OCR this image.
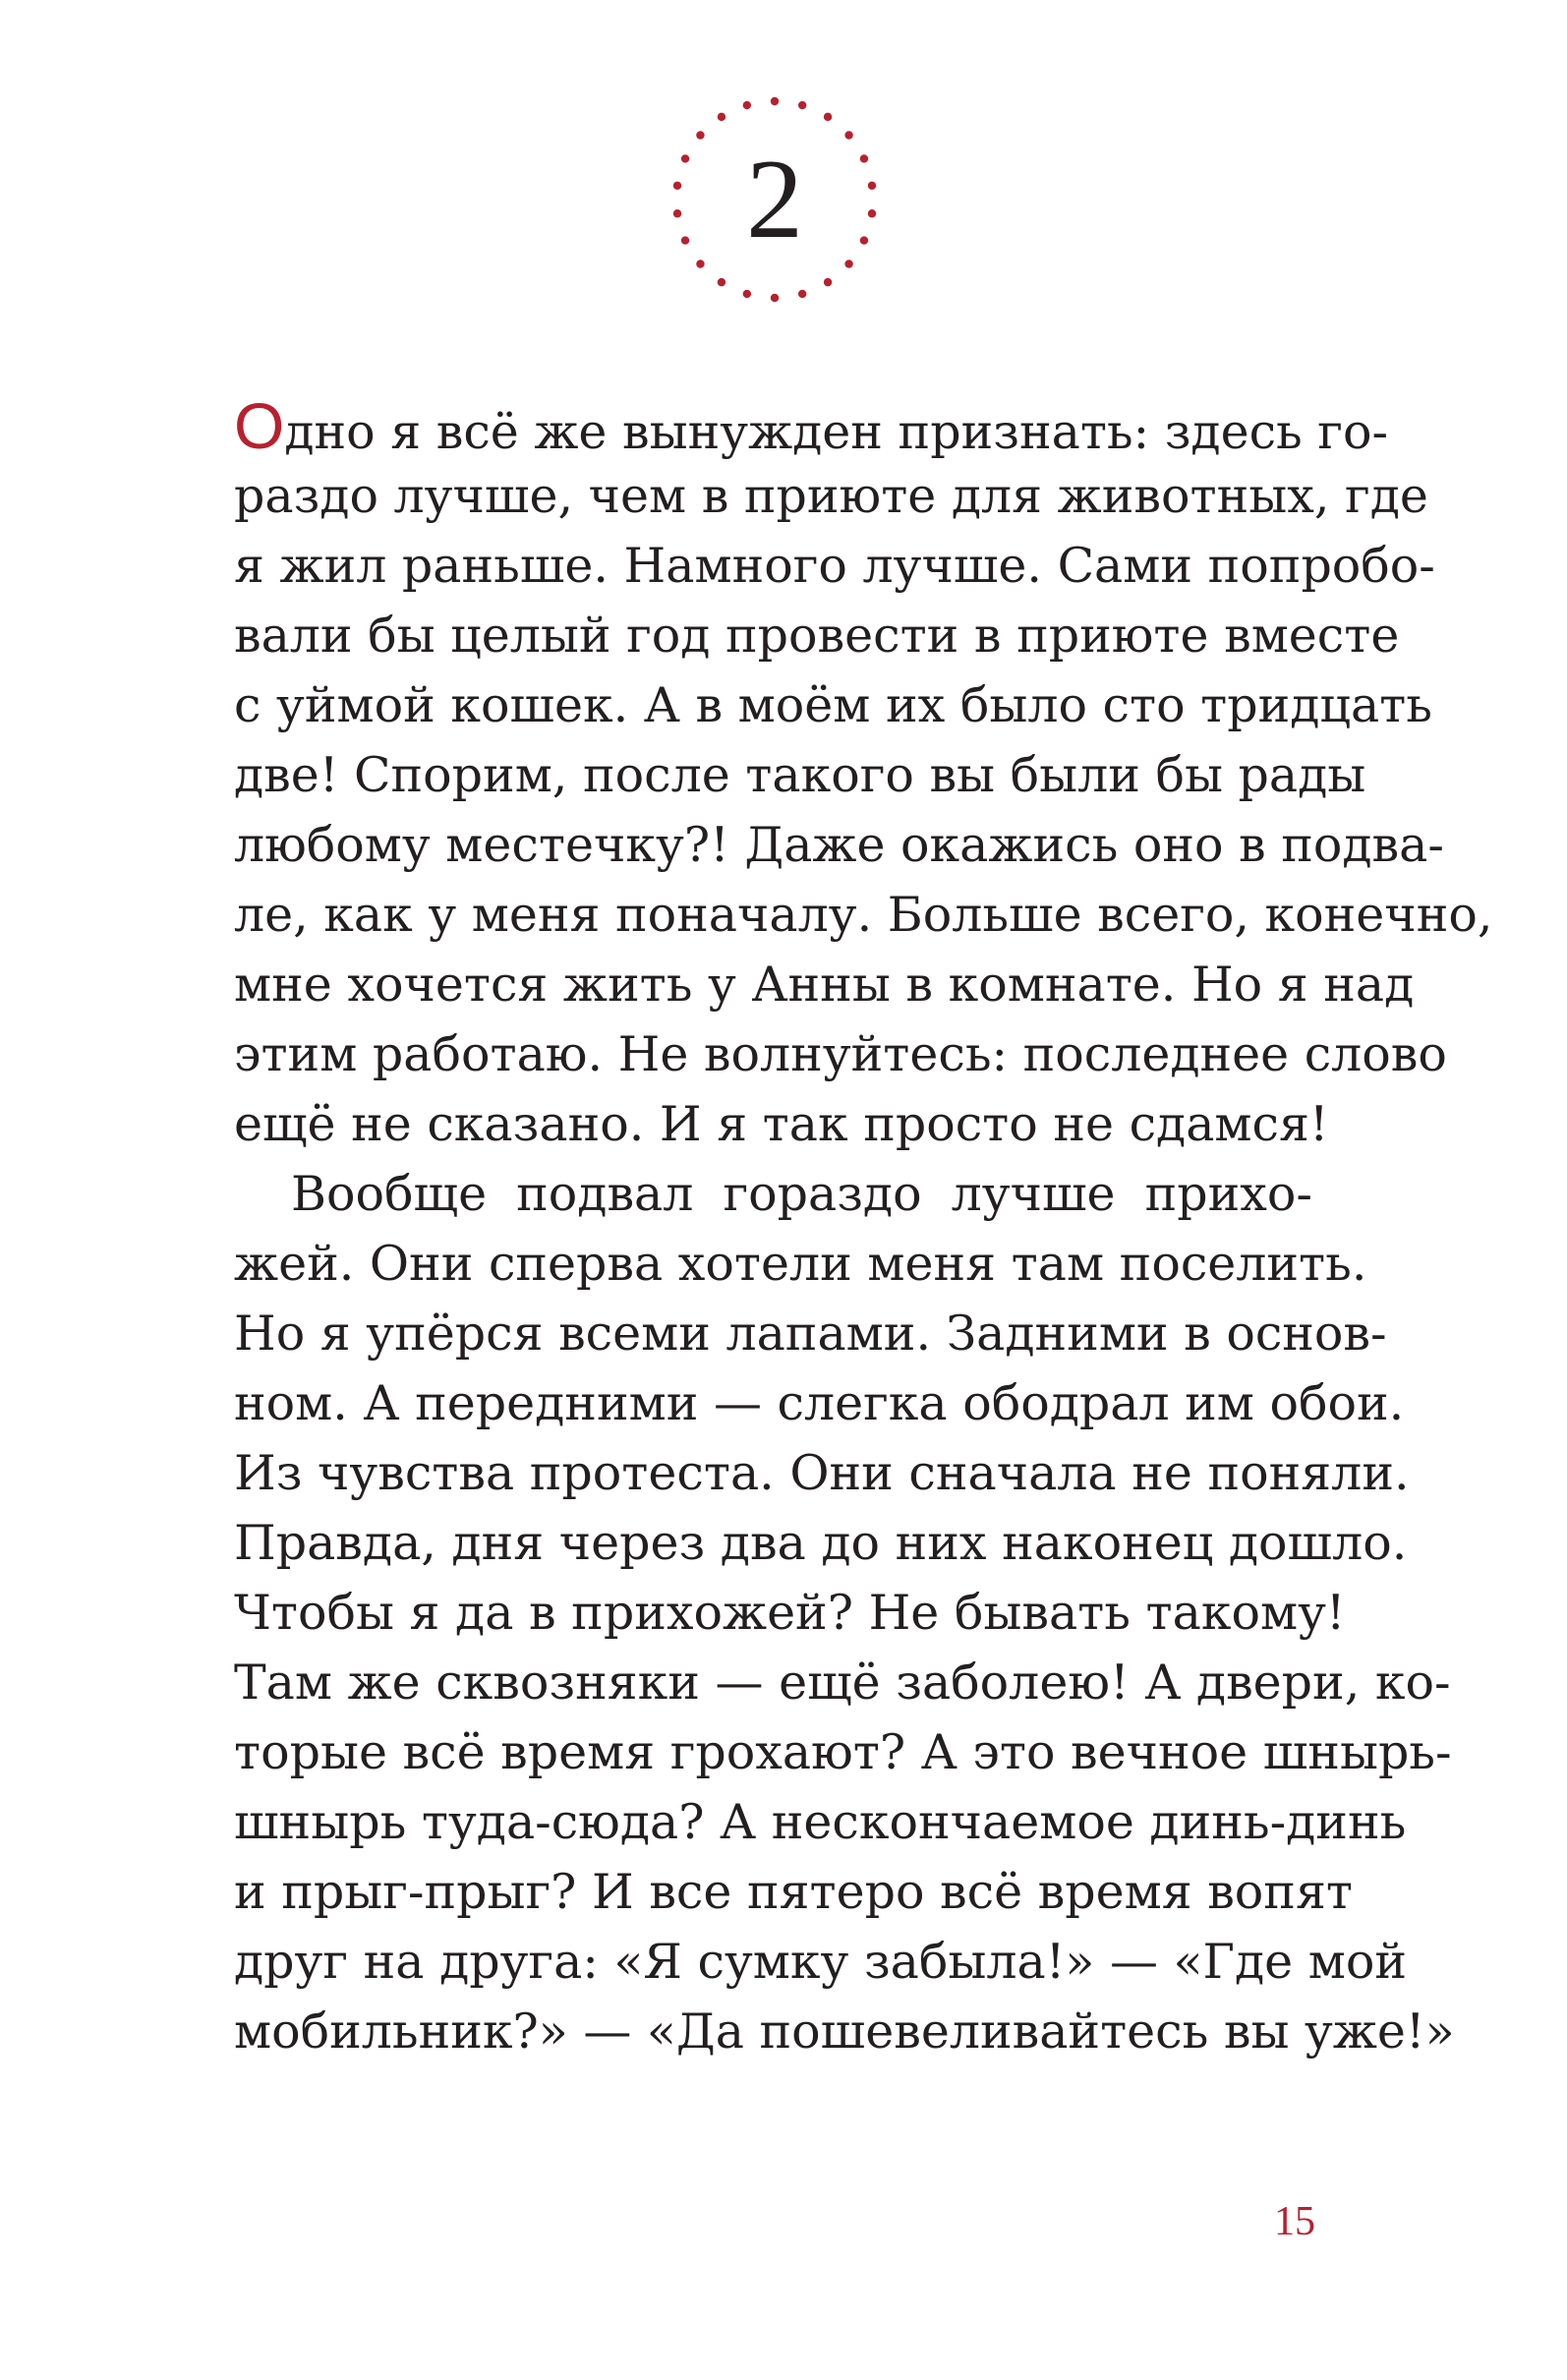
2
Одно я всё же вынужден признать: здесь го-
раздо лучше, чем в приюте для животных, где
я жил раньше. Намного лучше. Сами попробо-
вали бы целый год провести в приюте вместе
с уймой кошек. А в моём их было сто тридцать
две! Спорим, после такого вы были бы рады
любому местечку?! Даже окажись оно в подва-
ле, как у меня поначалу. Больше всего, конечно,
мне хочется жить у Анны в комнате. Но я над
этим работаю. Не волнуйтесь: последнее слово
ещё не сказано. И я так просто не сдамся!
Вообще подвал гораздо лучше прихо-
жей. Они сперва хотели меня там поселить.
Но я упёрся всеми лапами. Задними в основ-
ном. А передними — слегка ободрал им обои.
Из чувства протеста. Они сначала не поняли.
Правда, дня через два до них наконец дошло.
Чтобы я да в прихожей? Не бывать такому!
Там же сквозняки — ещё заболею! А двери, ко-
торые всё время грохают? А это вечное шнырь-
шнырь туда-сюда? А нескончаемое динь-динь
и прыг-прыг? И все пятеро всё время вопят
друг на друга: «Я сумку забыла!» — «Где мой
мобильник?» — «Да пошевеливайтесь вы уже!»
15
